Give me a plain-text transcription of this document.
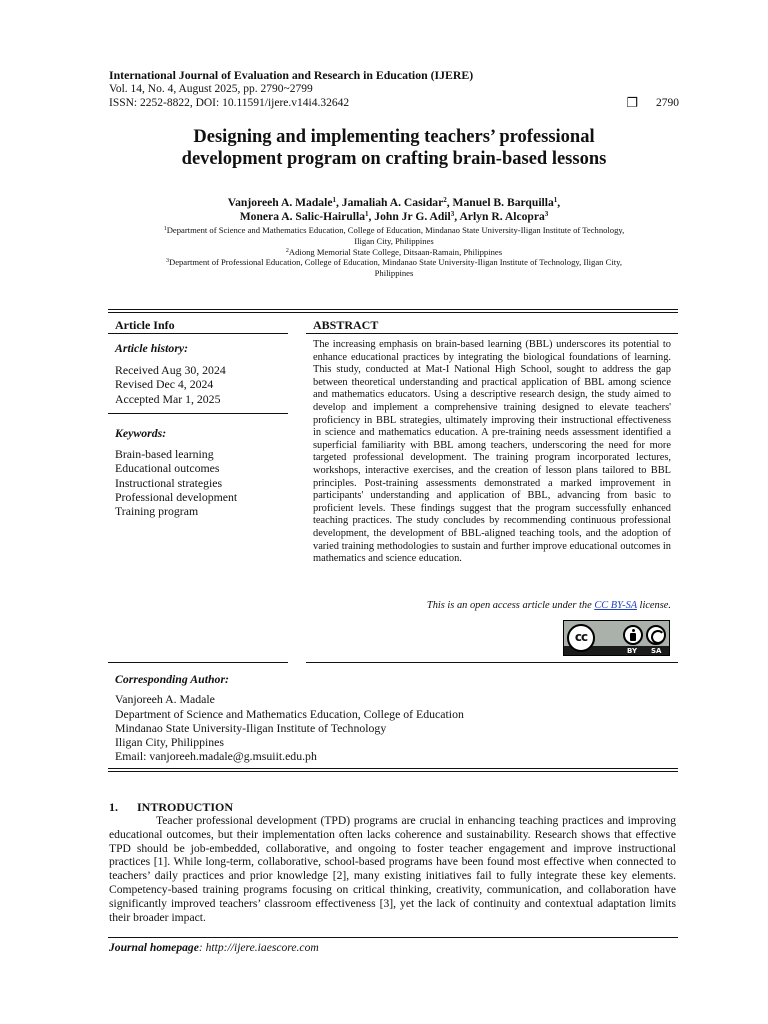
International Journal of Evaluation and Research in Education (IJERE)
Vol. 14, No. 4, August 2025, pp. 2790~2799
ISSN: 2252-8822, DOI: 10.11591/ijere.v14i4.32642	❐ 2790
Designing and implementing teachers’ professional
development program on crafting brain-based lessons
Vanjoreeh A. Madale$^1$, Jamaliah A. Casidar$^2$, Manuel B. Barquilla$^1$,
Monera A. Salic-Hairulla$^1$, John Jr G. Adil$^3$, Arlyn R. Alcopra$^3$

$^1$Department of Science and Mathematics Education, College of Education, Mindanao State University-Iligan Institute of Technology,
Iligan City, Philippines

$^2$Adiong Memorial State College, Ditsaan-Ramain, Philippines

$^3$Department of Professional Education, College of Education, Mindanao State University-Iligan Institute of Technology, Iligan City,
Philippines

Article Info	ABSTRACT
Article history:
Received Aug 30, 2024
Revised Dec 4, 2024
Accepted Mar 1, 2025
Keywords:
Brain-based learning
Educational outcomes
Instructional strategies
Professional development
Training program
The increasing emphasis on brain-based learning (BBL) underscores its potential to enhance educational practices by integrating the biological foundations of learning. This study, conducted at Mat-I National High School, sought to address the gap between theoretical understanding and practical application of BBL among science and mathematics educators. Using a descriptive research design, the study aimed to develop and implement a comprehensive training designed to elevate teachers' proficiency in BBL strategies, ultimately improving their instructional effectiveness in science and mathematics education. A pre-training needs assessment identified a superficial familiarity with BBL among teachers, underscoring the need for more targeted professional development. The training program incorporated lectures, workshops, interactive exercises, and the creation of lesson plans tailored to BBL principles. Post-training assessments demonstrated a marked improvement in participants' understanding and application of BBL, advancing from basic to proficient levels. These findings suggest that the program successfully enhanced teaching practices. The study concludes by recommending continuous professional development, the development of BBL-aligned teaching tools, and the adoption of varied training methodologies to sustain and further improve educational outcomes in mathematics and science education.
This is an open access article under the CC BY-SA license.
cc
BY SA
Corresponding Author:
Vanjoreeh A. Madale
Department of Science and Mathematics Education, College of Education
Mindanao State University-Iligan Institute of Technology
Iligan City, Philippines
Email: vanjoreeh.madale@g.msuiit.edu.ph
1. INTRODUCTION
Teacher professional development (TPD) programs are crucial in enhancing teaching practices and improving educational outcomes, but their implementation often lacks coherence and sustainability. Research shows that effective TPD should be job-embedded, collaborative, and ongoing to foster teacher engagement and improve instructional practices [1]. While long-term, collaborative, school-based programs have been found most effective when connected to teachers’ daily practices and prior knowledge [2], many existing initiatives fail to fully integrate these key elements. Competency-based training programs focusing on critical thinking, creativity, communication, and collaboration have significantly improved teachers’ classroom effectiveness [3], yet the lack of continuity and contextual adaptation limits their broader impact.
Journal homepage: http://ijere.iaescore.com
